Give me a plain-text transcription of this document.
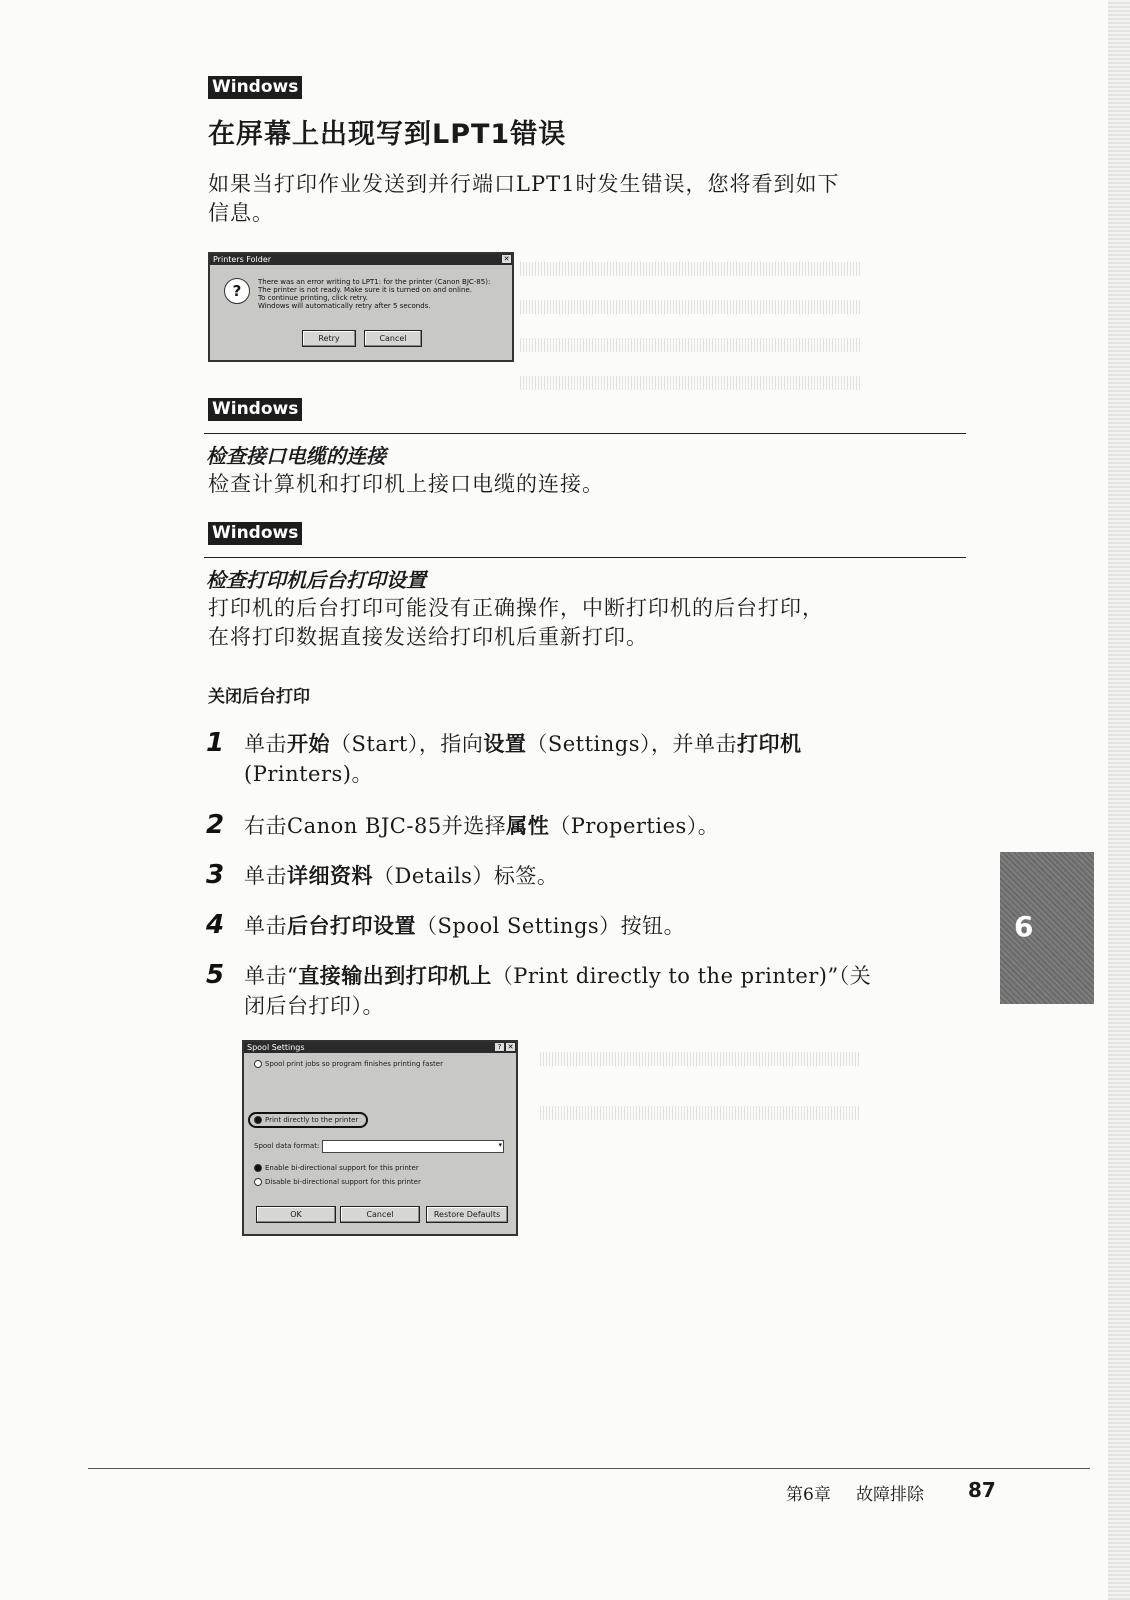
Windows
在屏幕上出现写到LPT1错误
如果当打印作业发送到并行端口LPT1时发生错误，您将看到如下
信息。
Printers Folder	✕
?	There was an error writing to LPT1: for the printer (Canon BJC-85):
The printer is not ready. Make sure it is turned on and online.
To continue printing, click retry.
Windows will automatically retry after 5 seconds.
Retry	Cancel
Windows
检查接口电缆的连接
检查计算机和打印机上接口电缆的连接。
Windows
检查打印机后台打印设置
打印机的后台打印可能没有正确操作，中断打印机的后台打印，
在将打印数据直接发送给打印机后重新打印。
关闭后台打印
1 单击开始（Start），指向设置（Settings），并单击打印机
(Printers)。
2 右击Canon BJC-85并选择属性（Properties）。
3 单击详细资料（Details）标签。
4 单击后台打印设置（Spool Settings）按钮。
5 单击“直接输出到打印机上（Print directly to the printer)”（关
闭后台打印）。
Spool Settings	? ✕
Spool print jobs so program finishes printing faster
Print directly to the printer
Spool data format:	▾
Enable bi-directional support for this printer
Disable bi-directional support for this printer
OK	Cancel	Restore Defaults
6
第6章 故障排除 87
